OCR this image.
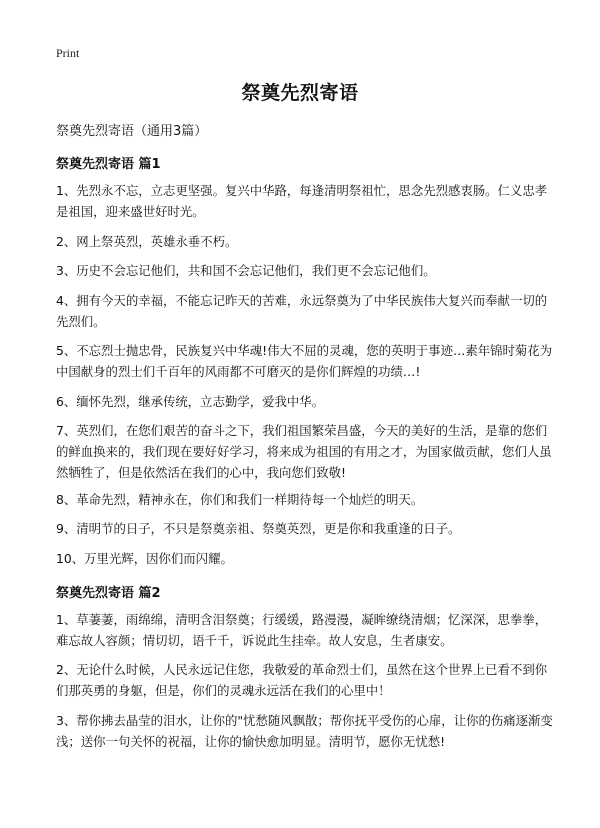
Print
祭奠先烈寄语
祭奠先烈寄语（通用3篇）
祭奠先烈寄语 篇1
1、先烈永不忘，立志更坚强。复兴中华路，每逢清明祭祖忙，思念先烈感衷肠。仁义忠孝是祖国，迎来盛世好时光。
2、网上祭英烈，英雄永垂不朽。
3、历史不会忘记他们，共和国不会忘记他们，我们更不会忘记他们。
4、拥有今天的幸福，不能忘记昨天的苦难，永远祭奠为了中华民族伟大复兴而奉献一切的先烈们。
5、不忘烈士抛忠骨，民族复兴中华魂!伟大不屈的灵魂，您的英明于事迹…素年锦时菊花为中国献身的烈士们千百年的风雨都不可磨灭的是你们辉煌的功绩…!
6、缅怀先烈，继承传统，立志勤学，爱我中华。
7、英烈们，在您们艰苦的奋斗之下，我们祖国繁荣昌盛，今天的美好的生活，是靠的您们的鲜血换来的，我们现在要好好学习，将来成为祖国的有用之才，为国家做贡献，您们人虽然牺牲了，但是依然活在我们的心中，我向您们致敬!
8、革命先烈，精神永在，你们和我们一样期待每一个灿烂的明天。
9、清明节的日子，不只是祭奠亲祖、祭奠英烈，更是你和我重逢的日子。
10、万里光辉，因你们而闪耀。
祭奠先烈寄语 篇2
1、草萋萋，雨绵绵，清明含泪祭奠；行缓缓，路漫漫，凝眸缭绕清烟；忆深深，思拳拳，难忘故人容颜；情切切，语千千，诉说此生挂牵。故人安息，生者康安。
2、无论什么时候，人民永远记住您，我敬爱的革命烈士们，虽然在这个世界上已看不到你们那英勇的身躯，但是，你们的灵魂永远活在我们的心里中！
3、帮你拂去晶莹的泪水，让你的"忧愁随风飘散；帮你抚平受伤的心扉，让你的伤痛逐渐变浅；送你一句关怀的祝福，让你的愉快愈加明显。清明节，愿你无忧愁!
